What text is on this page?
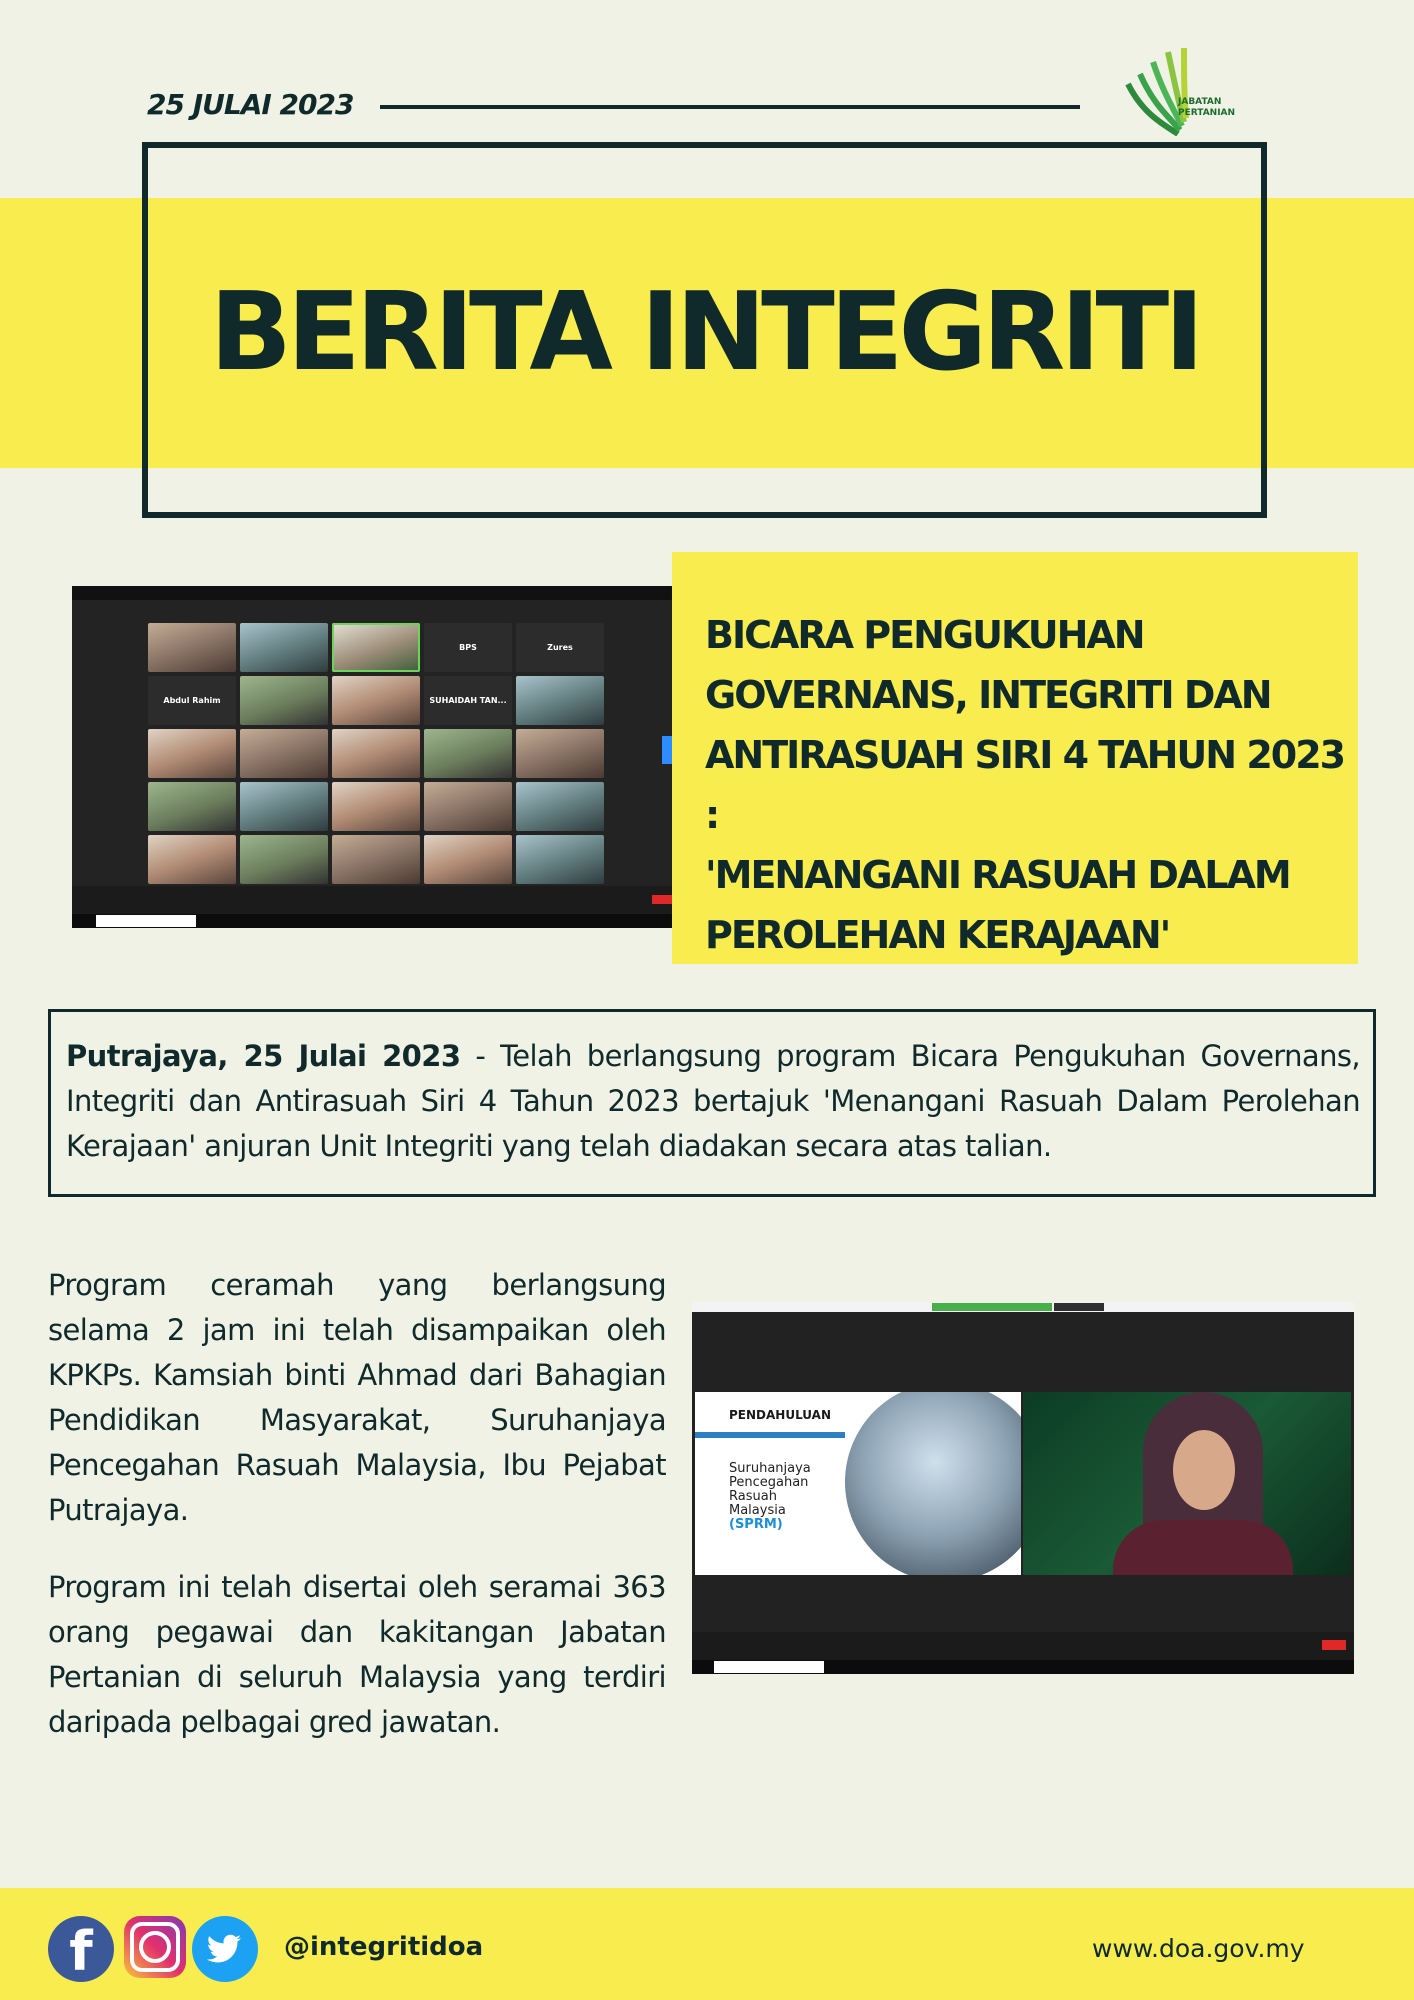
25 JULAI 2023	JABATAN
PERTANIAN
BERITA INTEGRITI
BPS	Zures
Abdul Rahim	SUHAIDAH TAN...
BICARA PENGUKUHAN
GOVERNANS, INTEGRITI DAN
ANTIRASUAH SIRI 4 TAHUN 2023 :
'MENANGANI RASUAH DALAM
PEROLEHAN KERAJAAN'
Putrajaya, 25 Julai 2023 - Telah berlangsung program Bicara Pengukuhan Governans, Integriti dan Antirasuah Siri 4 Tahun 2023 bertajuk 'Menangani Rasuah Dalam Perolehan Kerajaan' anjuran Unit Integriti yang telah diadakan secara atas talian.

Program ceramah yang berlangsung selama 2 jam ini telah disampaikan oleh KPKPs. Kamsiah binti Ahmad dari Bahagian Pendidikan Masyarakat, Suruhanjaya Pencegahan Rasuah Malaysia, Ibu Pejabat Putrajaya.

Program ini telah disertai oleh seramai 363 orang pegawai dan kakitangan Jabatan Pertanian di seluruh Malaysia yang terdiri daripada pelbagai gred jawatan.

PENDAHULUAN
Suruhanjaya
Pencegahan
Rasuah
Malaysia
(SPRM)
f	@integritidoa	www.doa.gov.my
